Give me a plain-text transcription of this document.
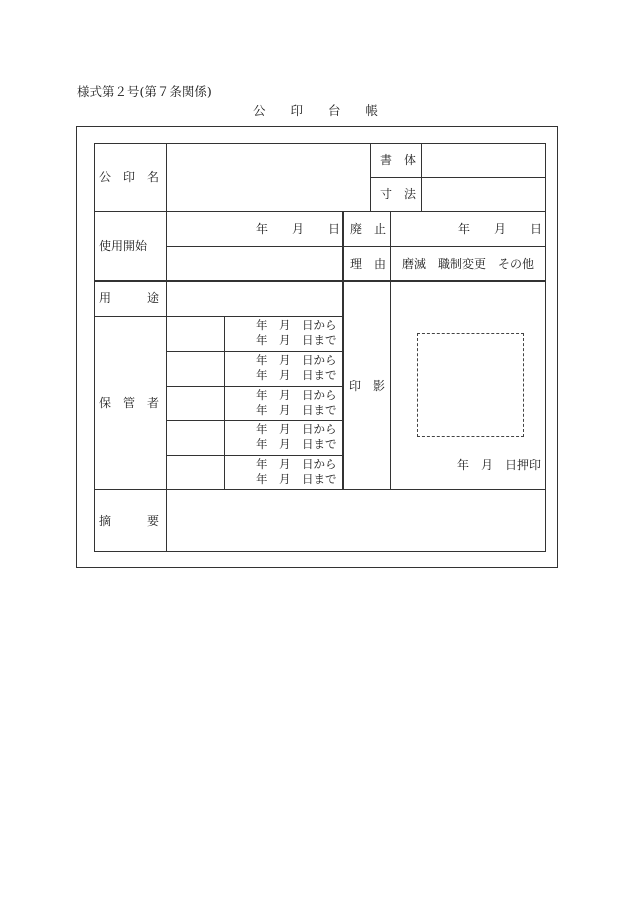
様式第２号(第７条関係)
公　　印　　台　　帳
公　印　名
書　体
寸　法
使用開始
年　　月　　日 廃　止	年　　月　　日
理　由 磨滅　職制変更　その他
用　　　途
保　管　者
年　月　日から
年　月　日まで
年　月　日から
年　月　日まで
年　月　日から
年　月　日まで
年　月　日から
年　月　日まで
年　月　日から
年　月　日まで
印　影
年　月　日押印
摘　　　要
